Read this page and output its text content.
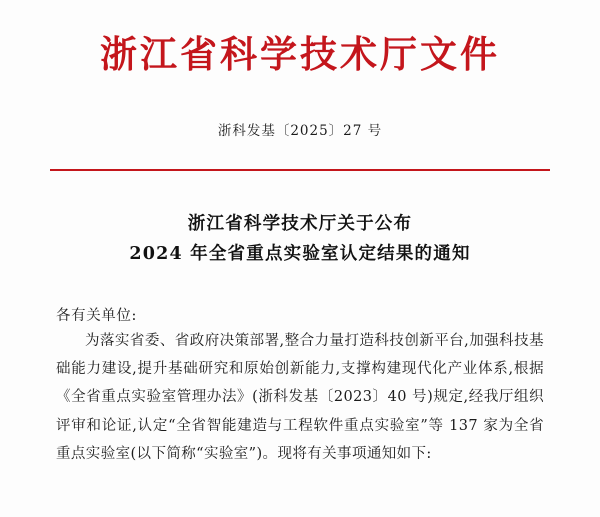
浙江省科学技术厅文件
浙科发基〔2025〕27 号
浙江省科学技术厅关于公布
2024 年全省重点实验室认定结果的通知
各有关单位:
为落实省委、省政府决策部署,整合力量打造科技创新平台,加强科技基础能力建设,提升基础研究和原始创新能力,支撑构建现代化产业体系,根据《全省重点实验室管理办法》(浙科发基〔2023〕40 号)规定,经我厅组织评审和论证,认定“全省智能建造与工程软件重点实验室”等 137 家为全省重点实验室(以下简称“实验室”)。现将有关事项通知如下:
